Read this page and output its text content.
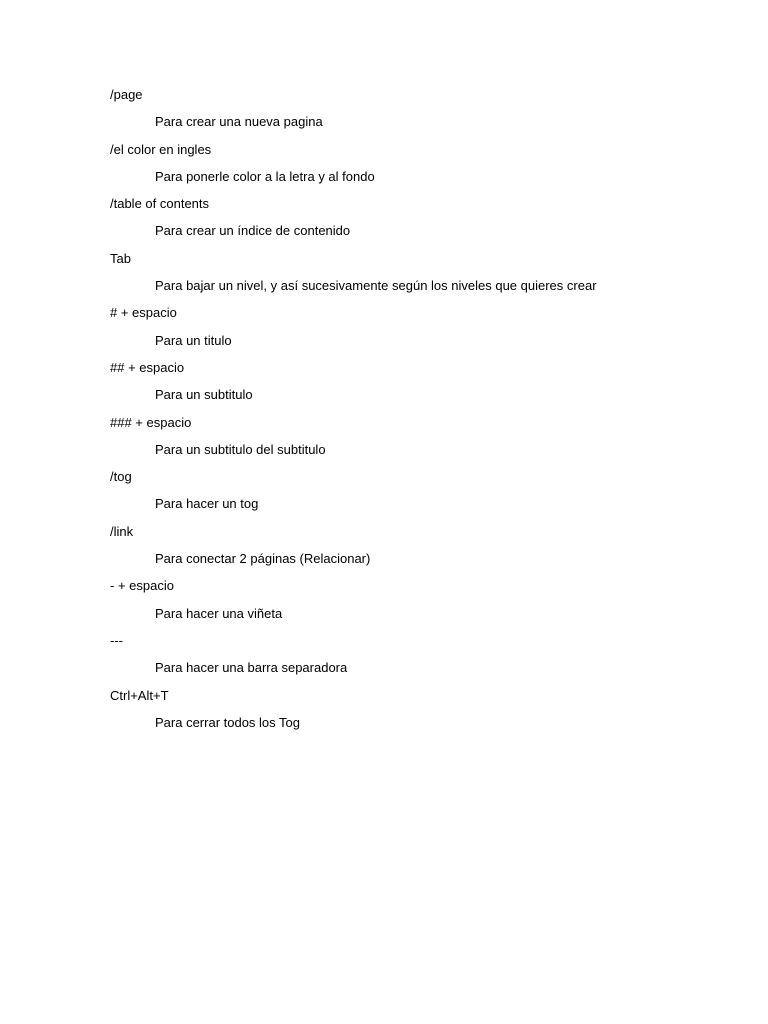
/page
Para crear una nueva pagina
/el color en ingles
Para ponerle color a la letra y al fondo
/table of contents
Para crear un índice de contenido
Tab
Para bajar un nivel, y así sucesivamente según los niveles que quieres crear
# + espacio
Para un titulo
## + espacio
Para un subtitulo
### + espacio
Para un subtitulo del subtitulo
/tog
Para hacer un tog
/link
Para conectar 2 páginas (Relacionar)
- + espacio
Para hacer una viñeta
---
Para hacer una barra separadora
Ctrl+Alt+T
Para cerrar todos los Tog
